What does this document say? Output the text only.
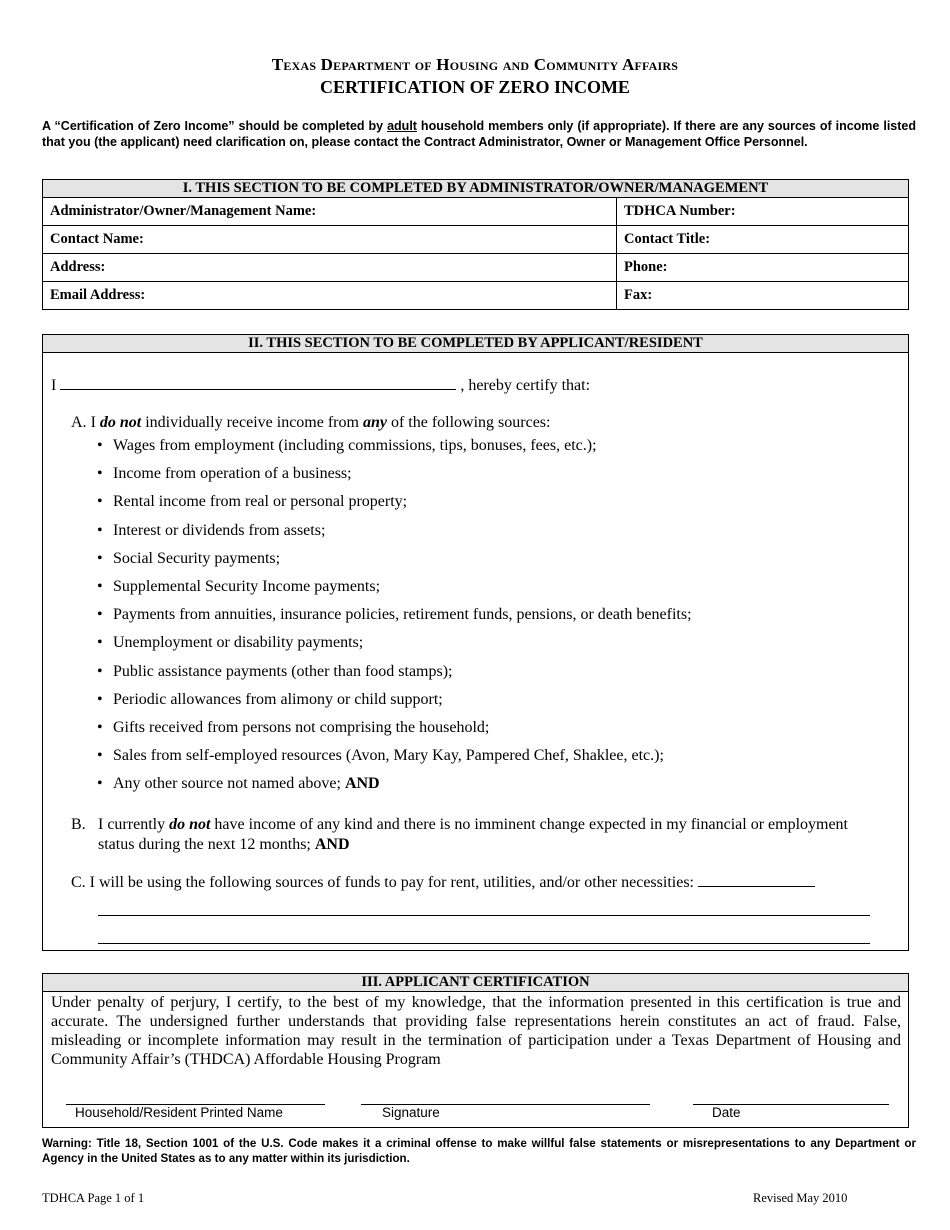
Texas Department of Housing and Community Affairs
CERTIFICATION OF ZERO INCOME
A “Certification of Zero Income” should be completed by adult household members only (if appropriate). If there are any sources of income listed that you (the applicant) need clarification on, please contact the Contract Administrator, Owner or Management Office Personnel.
I. THIS SECTION TO BE COMPLETED BY ADMINISTRATOR/OWNER/MANAGEMENT	
Administrator/Owner/Management Name:	TDHCA Number:
Contact Name:	Contact Title:
Address:	Phone:
Email Address:	Fax:
II. THIS SECTION TO BE COMPLETED BY APPLICANT/RESIDENT
I	, hereby certify that:
A. I do not individually receive income from any of the following sources:
• Wages from employment (including commissions, tips, bonuses, fees, etc.);
• Income from operation of a business;
• Rental income from real or personal property;
• Interest or dividends from assets;
• Social Security payments;
• Supplemental Security Income payments;
• Payments from annuities, insurance policies, retirement funds, pensions, or death benefits;
• Unemployment or disability payments;
• Public assistance payments (other than food stamps);
• Periodic allowances from alimony or child support;
• Gifts received from persons not comprising the household;
• Sales from self-employed resources (Avon, Mary Kay, Pampered Chef, Shaklee, etc.);
• Any other source not named above; AND
B. I currently do not have income of any kind and there is no imminent change expected in my financial or employment status during the next 12 months; AND
C. I will be using the following sources of funds to pay for rent, utilities, and/or other necessities:
III. APPLICANT CERTIFICATION
Under penalty of perjury, I certify, to the best of my knowledge, that the information presented in this certification is true and accurate. The undersigned further understands that providing false representations herein constitutes an act of fraud. False, misleading or incomplete information may result in the termination of participation under a Texas Department of Housing and Community Affair’s (THDCA) Affordable Housing Program
Household/Resident Printed Name	Signature	Date
Warning: Title 18, Section 1001 of the U.S. Code makes it a criminal offense to make willful false statements or misrepresentations to any Department or Agency in the United States as to any matter within its jurisdiction.
TDHCA Page 1 of 1	Revised May 2010
